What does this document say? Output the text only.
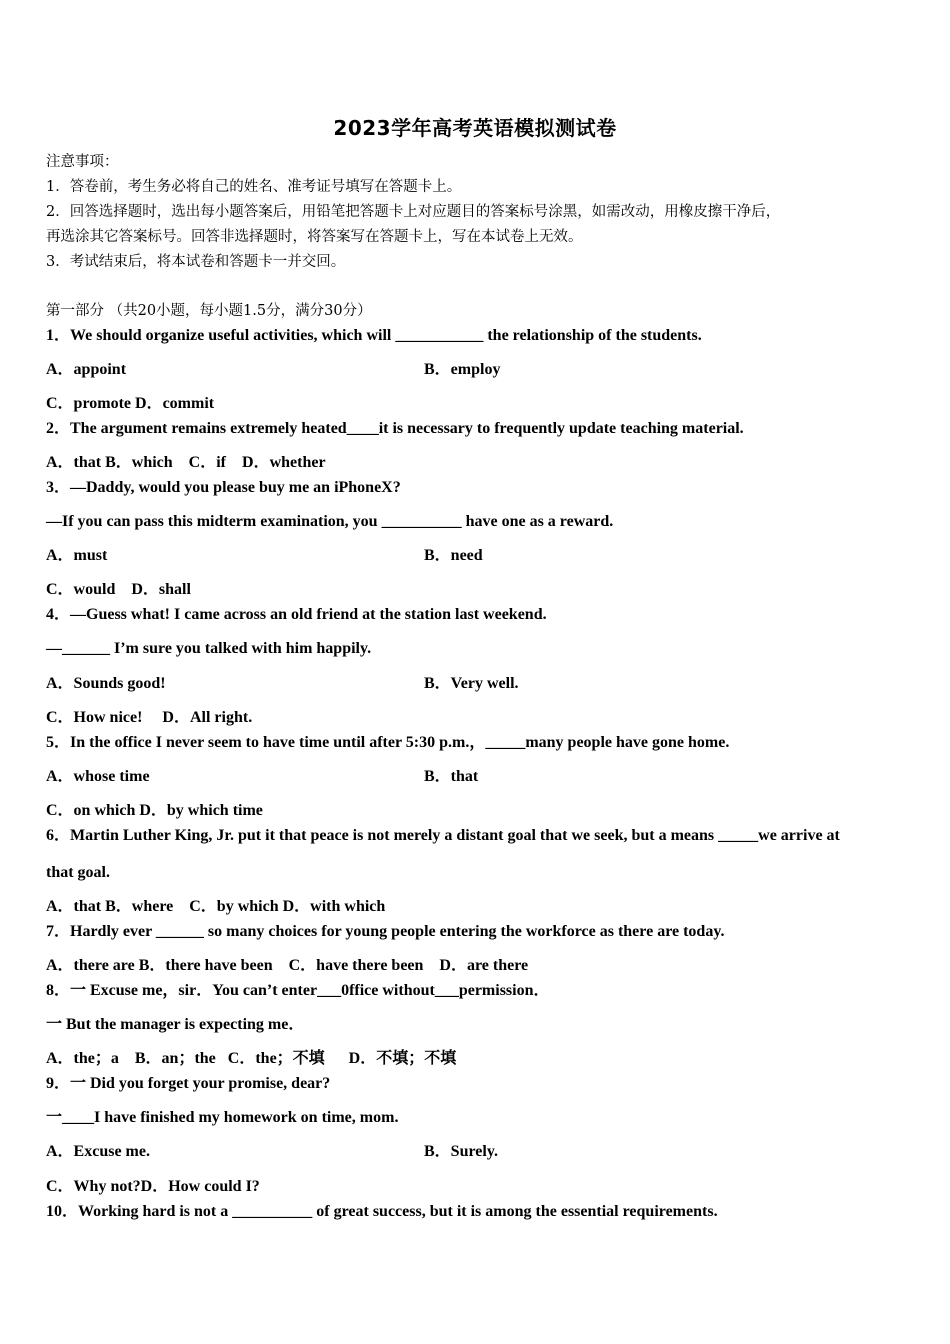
2023学年高考英语模拟测试卷
注意事项：
1．答卷前，考生务必将自己的姓名、准考证号填写在答题卡上。
2．回答选择题时，选出每小题答案后，用铅笔把答题卡上对应题目的答案标号涂黑，如需改动，用橡皮擦干净后，
再选涂其它答案标号。回答非选择题时，将答案写在答题卡上，写在本试卷上无效。
3．考试结束后，将本试卷和答题卡一并交回。
第一部分 （共20小题，每小题1.5分，满分30分）
1．We should organize useful activities, which will ___________ the relationship of the students.
A．appoint	B．employ
C．promote D．commit
2．The argument remains extremely heated____it is necessary to frequently update teaching material.
A．that B．which    C．if    D．whether
3．—Daddy, would you please buy me an iPhoneX?
—If you can pass this midterm examination, you __________ have one as a reward.
A．must	B．need
C．would    D．shall
4．—Guess what! I came across an old friend at the station last weekend.
—______ I’m sure you talked with him happily.
A．Sounds good!	B．Very well.
C．How nice!     D．All right.
5．In the office I never seem to have time until after 5:30 p.m.，_____many people have gone home.
A．whose time	B．that
C．on which D．by which time
6．Martin Luther King, Jr. put it that peace is not merely a distant goal that we seek, but a means _____we arrive at
that goal.
A．that B．where    C．by which D．with which
7．Hardly ever ______ so many choices for young people entering the workforce as there are today.
A．there are B．there have been    C．have there been    D．are there
8．一 Excuse me，sir．You can’t enter___0ffice without___permission．
一 But the manager is expecting me．
A．the；a    B．an；the   C．the；不填      D．不填；不填
9．一 Did you forget your promise, dear?
一____I have finished my homework on time, mom.
A．Excuse me.	B．Surely.
C．Why not?D．How could I?
10．Working hard is not a __________ of great success, but it is among the essential requirements.
